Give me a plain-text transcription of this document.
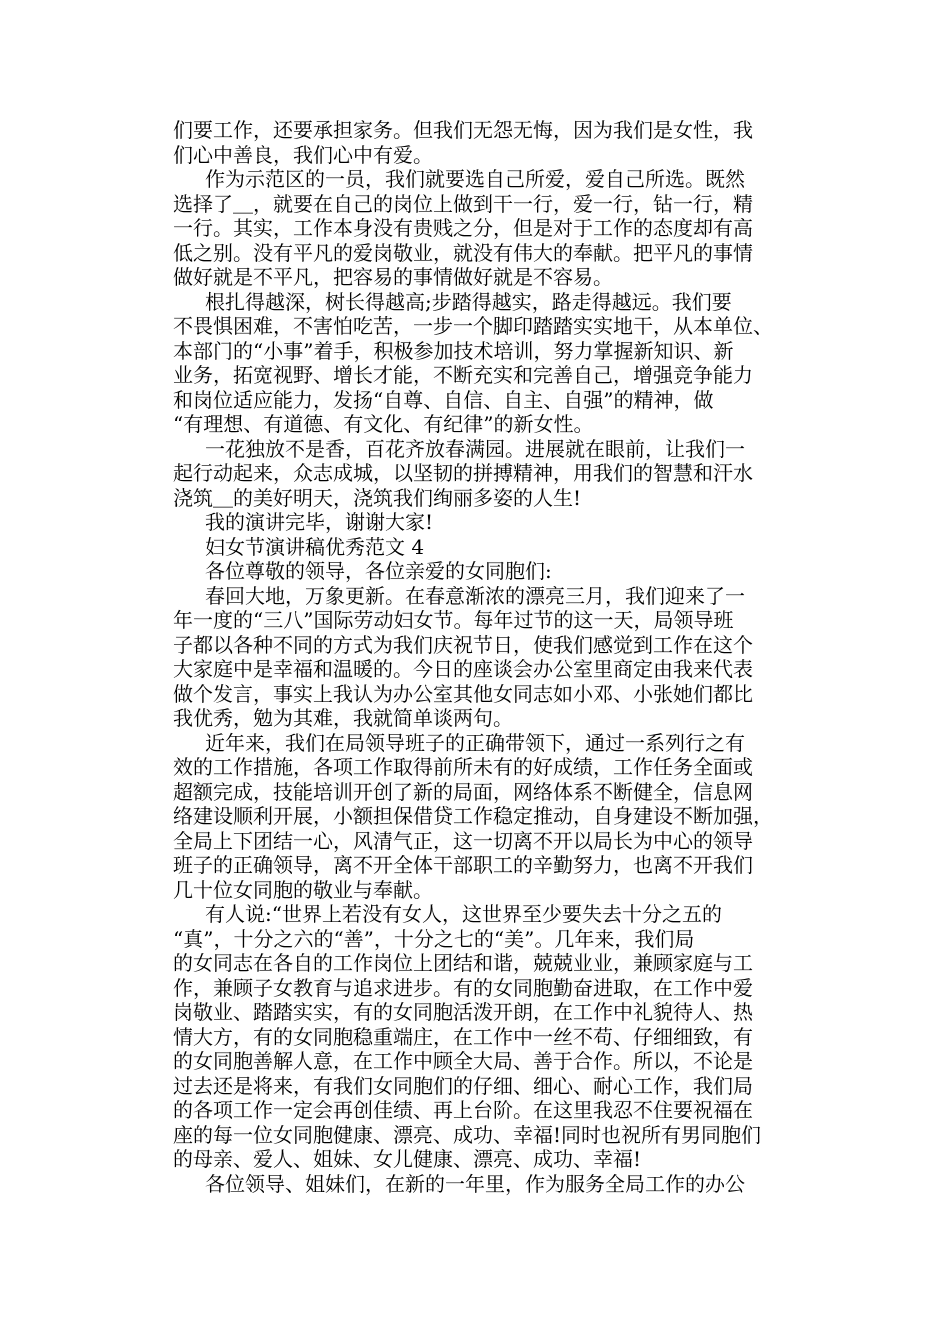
们要工作，还要承担家务。但我们无怨无悔，因为我们是女性，我
们心中善良，我们心中有爱。
作为示范区的一员，我们就要选自己所爱，爱自己所选。既然
选择了＿，就要在自己的岗位上做到干一行，爱一行，钻一行，精
一行。其实，工作本身没有贵贱之分，但是对于工作的态度却有高
低之别。没有平凡的爱岗敬业，就没有伟大的奉献。把平凡的事情
做好就是不平凡，把容易的事情做好就是不容易。
根扎得越深，树长得越高;步踏得越实，路走得越远。我们要
不畏惧困难，不害怕吃苦，一步一个脚印踏踏实实地干，从本单位、
本部门的“小事”着手，积极参加技术培训，努力掌握新知识、新
业务，拓宽视野、增长才能，不断充实和完善自己，增强竞争能力
和岗位适应能力，发扬“自尊、自信、自主、自强”的精神，做
“有理想、有道德、有文化、有纪律”的新女性。
一花独放不是香，百花齐放春满园。进展就在眼前，让我们一
起行动起来，众志成城，以坚韧的拼搏精神，用我们的智慧和汗水
浇筑＿的美好明天，浇筑我们绚丽多姿的人生!
我的演讲完毕，谢谢大家!
妇女节演讲稿优秀范文 4
各位尊敬的领导，各位亲爱的女同胞们:
春回大地，万象更新。在春意渐浓的漂亮三月，我们迎来了一
年一度的“三八”国际劳动妇女节。每年过节的这一天，局领导班
子都以各种不同的方式为我们庆祝节日，使我们感觉到工作在这个
大家庭中是幸福和温暖的。今日的座谈会办公室里商定由我来代表
做个发言，事实上我认为办公室其他女同志如小邓、小张她们都比
我优秀，勉为其难，我就简单谈两句。
近年来，我们在局领导班子的正确带领下，通过一系列行之有
效的工作措施，各项工作取得前所未有的好成绩，工作任务全面或
超额完成，技能培训开创了新的局面，网络体系不断健全，信息网
络建设顺利开展，小额担保借贷工作稳定推动，自身建设不断加强，
全局上下团结一心，风清气正，这一切离不开以局长为中心的领导
班子的正确领导，离不开全体干部职工的辛勤努力，也离不开我们
几十位女同胞的敬业与奉献。
有人说:“世界上若没有女人，这世界至少要失去十分之五的
“真”，十分之六的“善”，十分之七的“美”。几年来，我们局
的女同志在各自的工作岗位上团结和谐，兢兢业业，兼顾家庭与工
作，兼顾子女教育与追求进步。有的女同胞勤奋进取，在工作中爱
岗敬业、踏踏实实，有的女同胞活泼开朗，在工作中礼貌待人、热
情大方，有的女同胞稳重端庄，在工作中一丝不苟、仔细细致，有
的女同胞善解人意，在工作中顾全大局、善于合作。所以，不论是
过去还是将来，有我们女同胞们的仔细、细心、耐心工作，我们局
的各项工作一定会再创佳绩、再上台阶。在这里我忍不住要祝福在
座的每一位女同胞健康、漂亮、成功、幸福!同时也祝所有男同胞们
的母亲、爱人、姐妹、女儿健康、漂亮、成功、幸福!
各位领导、姐妹们，在新的一年里，作为服务全局工作的办公
